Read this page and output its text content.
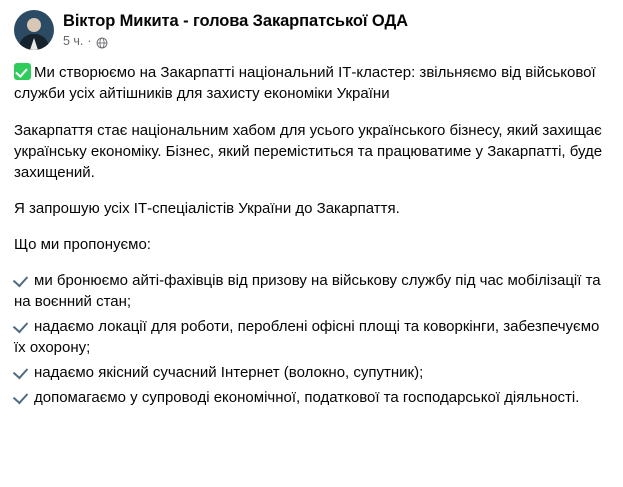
Віктор Микита - голова Закарпатської ОДА
5 ч. ·

Ми створюємо на Закарпатті національний ІТ-кластер: звільняємо від військової служби усіх айтішників для захисту економіки України

Закарпаття стає національним хабом для усього українського бізнесу, який захищає українську економіку. Бізнес, який переміститься та працюватиме у Закарпатті, буде захищений.

Я запрошую усіх ІТ-спеціалістів України до Закарпаття.

Що ми пропонуємо:

ми бронюємо айті-фахівців від призову на військову службу під час мобілізації та на воєнний стан;

надаємо локації для роботи, пероблені офісні площі та коворкінги, забезпечуємо їх охорону;

надаємо якісний сучасний Інтернет (волокно, супутник);

допомагаємо у супроводі економічної, податкової та господарської діяльності.
